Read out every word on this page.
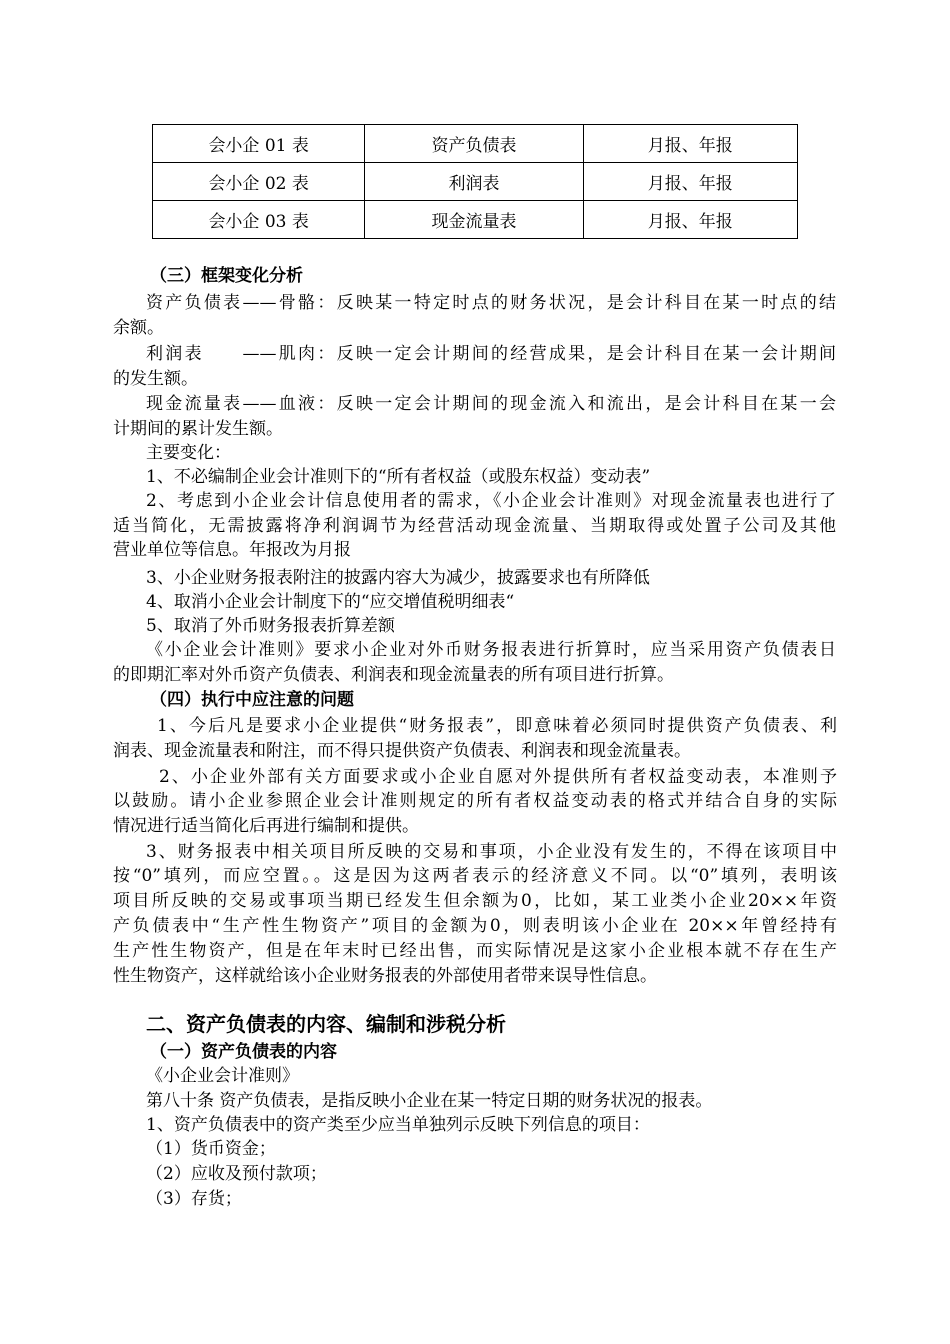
会小企 01 表	资产负债表	月报、年报
会小企 02 表	利润表	月报、年报
会小企 03 表	现金流量表	月报、年报
（三）框架变化分析
资产负债表——骨骼：反映某一特定时点的财务状况，是会计科目在某一时点的结
余额。
利润表　　——肌肉：反映一定会计期间的经营成果，是会计科目在某一会计期间
的发生额。
现金流量表——血液：反映一定会计期间的现金流入和流出，是会计科目在某一会
计期间的累计发生额。
主要变化：
1、不必编制企业会计准则下的“所有者权益（或股东权益）变动表”
2、考虑到小企业会计信息使用者的需求，《小企业会计准则》对现金流量表也进行了
适当简化，无需披露将净利润调节为经营活动现金流量、当期取得或处置子公司及其他
营业单位等信息。年报改为月报
3、小企业财务报表附注的披露内容大为减少，披露要求也有所降低
4、取消小企业会计制度下的“应交增值税明细表“
5、取消了外币财务报表折算差额
《小企业会计准则》要求小企业对外币财务报表进行折算时，应当采用资产负债表日
的即期汇率对外币资产负债表、利润表和现金流量表的所有项目进行折算。
（四）执行中应注意的问题
1、今后凡是要求小企业提供“财务报表”，即意味着必须同时提供资产负债表、利
润表、现金流量表和附注，而不得只提供资产负债表、利润表和现金流量表。
2、小企业外部有关方面要求或小企业自愿对外提供所有者权益变动表，本准则予
以鼓励。请小企业参照企业会计准则规定的所有者权益变动表的格式并结合自身的实际
情况进行适当简化后再进行编制和提供。
3、财务报表中相关项目所反映的交易和事项，小企业没有发生的，不得在该项目中
按“0”填列，而应空置。。这是因为这两者表示的经济意义不同。以“0”填列，表明该
项目所反映的交易或事项当期已经发生但余额为0，比如，某工业类小企业20××年资
产负债表中“生产性生物资产”项目的金额为0，则表明该小企业在 20××年曾经持有
生产性生物资产，但是在年末时已经出售，而实际情况是这家小企业根本就不存在生产
性生物资产，这样就给该小企业财务报表的外部使用者带来误导性信息。
二、资产负债表的内容、编制和涉税分析
（一）资产负债表的内容
《小企业会计准则》
第八十条 资产负债表，是指反映小企业在某一特定日期的财务状况的报表。
1、资产负债表中的资产类至少应当单独列示反映下列信息的项目：
（1）货币资金；
（2）应收及预付款项；
（3）存货；
